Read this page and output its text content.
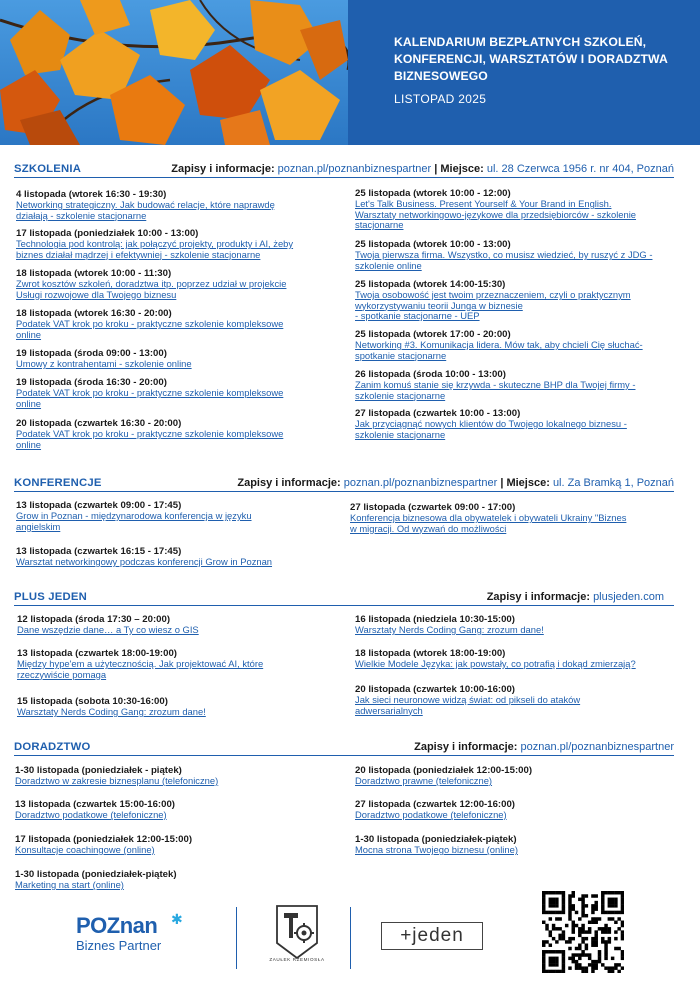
KALENDARIUM BEZPŁATNYCH SZKOLEŃ, KONFERENCJI, WARSZTATÓW I DORADZTWA BIZNESOWEGO
LISTOPAD 2025
SZKOLENIA	Zapisy i informacje: poznan.pl/poznanbiznespartner | Miejsce: ul. 28 Czerwca 1956 r. nr 404, Poznań
4 listopada (wtorek 16:30 - 19:30)
Networking strategiczny. Jak budować relacje, które naprawdę
działają - szkolenie stacjonarne
17 listopada (poniedziałek 10:00 - 13:00)
Technologia pod kontrolą: jak połączyć projekty, produkty i AI, żeby
biznes działał mądrzej i efektywniej - szkolenie stacjonarne
18 listopada (wtorek 10:00 - 11:30)
Zwrot kosztów szkoleń, doradztwa itp. poprzez udział w projekcie
Usługi rozwojowe dla Twojego biznesu
18 listopada (wtorek 16:30 - 20:00)
Podatek VAT krok po kroku - praktyczne szkolenie kompleksowe
online
19 listopada (środa 09:00 - 13:00)
Umowy z kontrahentami - szkolenie online
19 listopada (środa 16:30 - 20:00)
Podatek VAT krok po kroku - praktyczne szkolenie kompleksowe
online
20 listopada (czwartek 16:30 - 20:00)
Podatek VAT krok po kroku - praktyczne szkolenie kompleksowe
online
25 listopada (wtorek 10:00 - 12:00)
Let's Talk Business. Present Yourself & Your Brand in English.
Warsztaty networkingowo-językowe dla przedsiębiorców - szkolenie
stacjonarne
25 listopada (wtorek 10:00 - 13:00)
Twoja pierwsza firma. Wszystko, co musisz wiedzieć, by ruszyć z JDG -
szkolenie online
25 listopada (wtorek 14:00-15:30)
Twoja osobowość jest twoim przeznaczeniem, czyli o praktycznym
wykorzystywaniu teorii Junga w biznesie
- spotkanie stacjonarne - UEP
25 listopada (wtorek 17:00 - 20:00)
Networking #3. Komunikacja lidera. Mów tak, aby chcieli Cię słuchać-
spotkanie stacjonarne
26 listopada (środa 10:00 - 13:00)
Zanim komuś stanie się krzywda - skuteczne BHP dla Twojej firmy -
szkolenie stacjonarne
27 listopada (czwartek 10:00 - 13:00)
Jak przyciągnąć nowych klientów do Twojego lokalnego biznesu -
szkolenie stacjonarne
KONFERENCJE	Zapisy i informacje: poznan.pl/poznanbiznespartner | Miejsce: ul. Za Bramką 1, Poznań
13 listopada (czwartek 09:00 - 17:45)
Grow in Poznan - międzynarodowa konferencja w języku
angielskim
13 listopada (czwartek 16:15 - 17:45)
Warsztat networkingowy podczas konferencji Grow in Poznan
27 listopada (czwartek 09:00 - 17:00)
Konferencja biznesowa dla obywatelek i obywateli Ukrainy "Biznes
w migracji. Od wyzwań do możliwości
PLUS JEDEN	Zapisy i informacje: plusjeden.com
12 listopada (środa 17:30 – 20:00)
Dane wszędzie dane… a Ty co wiesz o GIS
13 listopada (czwartek 18:00-19:00)
Między hype'em a użytecznością. Jak projektować AI, które
rzeczywiście pomaga
15 listopada (sobota 10:30-16:00)
Warsztaty Nerds Coding Gang: zrozum dane!
16 listopada (niedziela 10:30-15:00)
Warsztaty Nerds Coding Gang: zrozum dane!
18 listopada (wtorek 18:00-19:00)
Wielkie Modele Języka: jak powstały, co potrafią i dokąd zmierzają?
20 listopada (czwartek 10:00-16:00)
Jak sieci neuronowe widzą świat: od pikseli do ataków
adwersarialnych
DORADZTWO	Zapisy i informacje: poznan.pl/poznanbiznespartner
1-30 listopada (poniedziałek - piątek)
Doradztwo w zakresie biznesplanu (telefoniczne)
13 listopada (czwartek 15:00-16:00)
Doradztwo podatkowe (telefoniczne)
17 listopada (poniedziałek 12:00-15:00)
Konsultacje coachingowe (online)
1-30 listopada (poniedziałek-piątek)
Marketing na start (online)
20 listopada (poniedziałek 12:00-15:00)
Doradztwo prawne (telefoniczne)
27 listopada (czwartek 12:00-16:00)
Doradztwo podatkowe (telefoniczne)
1-30 listopada (poniedziałek-piątek)
Mocna strona Twojego biznesu (online)
POZnan
Biznes Partner
✱
ZAUŁEK RZEMIOSŁA
+jeden
